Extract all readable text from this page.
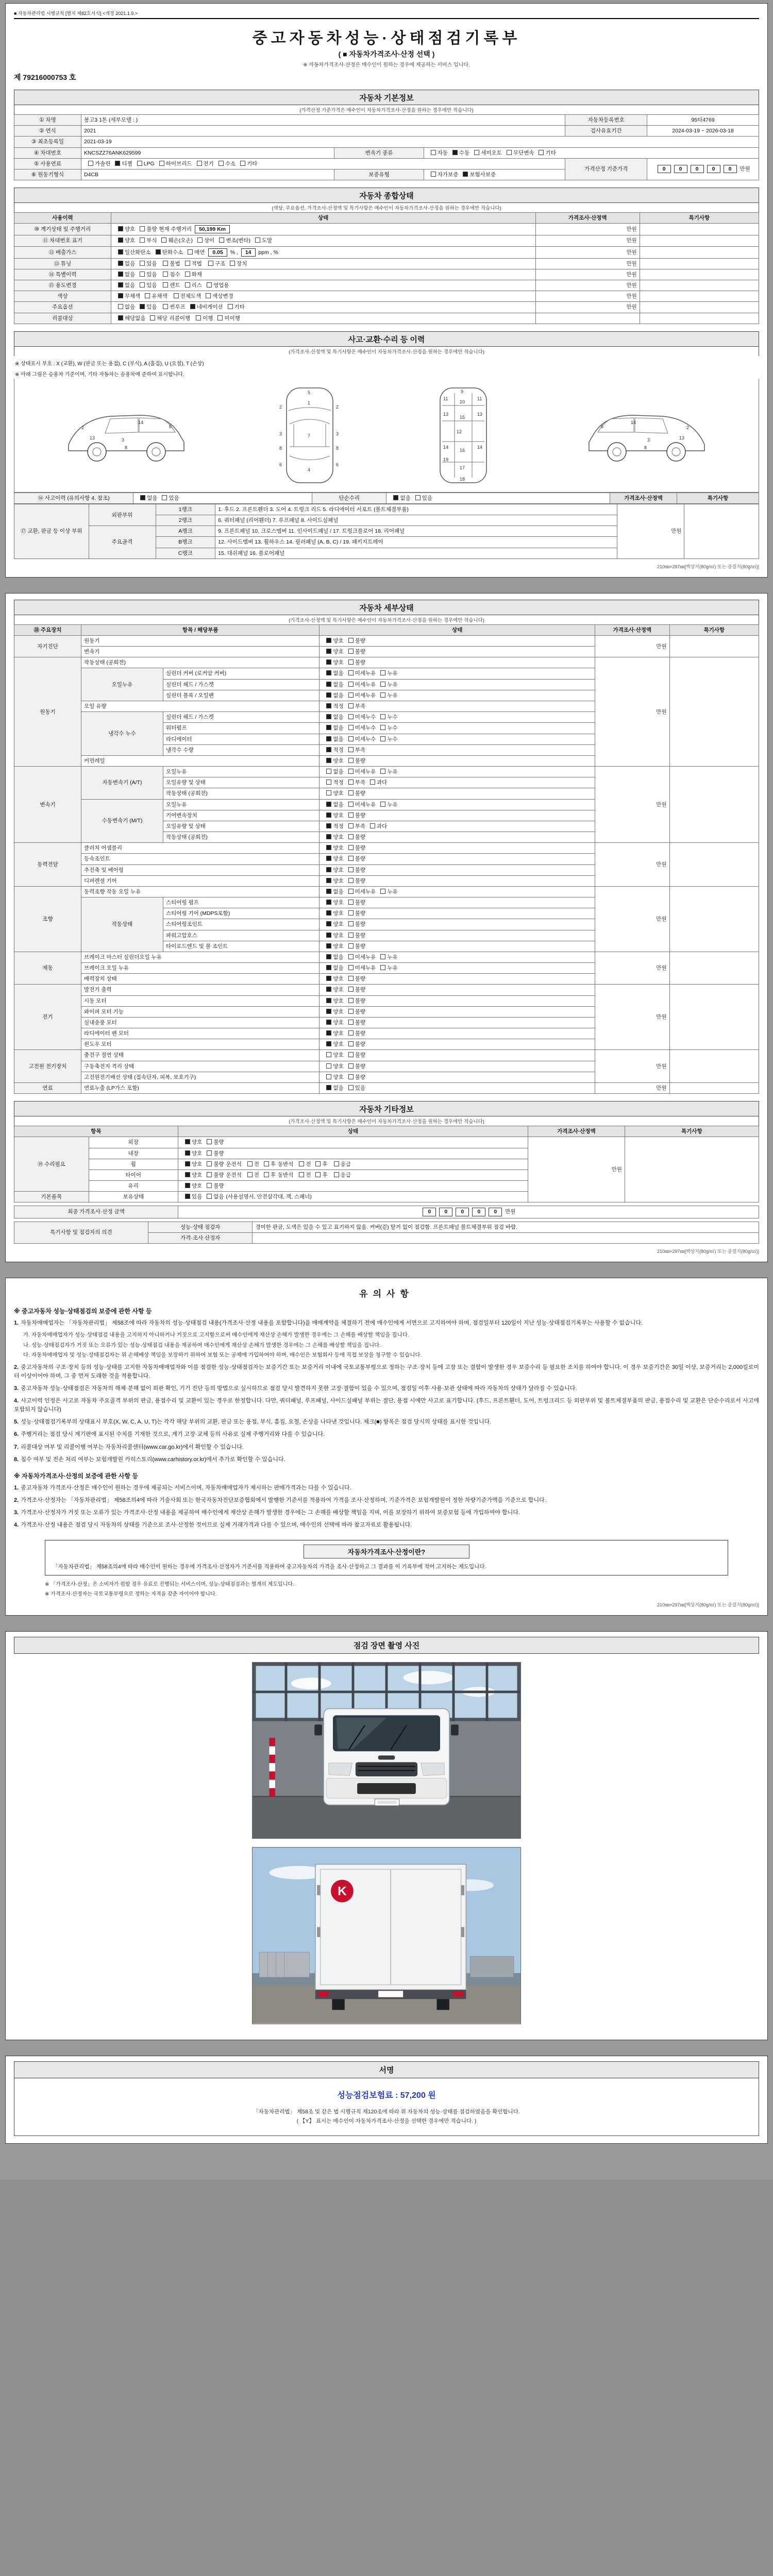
■ 자동차관리법 시행규칙 [별지 제82호서식] <개정 2021.1.9.>
중고자동차성능·상태점검기록부
( ■ 자동차가격조사·산정 선택 )
※ 자동차가격조사·산정은 매수인이 원하는 경우에 제공하는 서비스 입니다.
제 79216000753 호
자동차 기본정보
(가격산정 기준가격은 매수인이 자동차가격조사·산정을 원하는 경우에만 적습니다)
① 차명	봉고3 1톤 (세부모델 : )			자동차등록번호	95타4769
② 연식	2021			검사유효기간	2024-03-19 ~ 2026-03-18
③ 최초등록일	2021-03-19				
④ 차대번호	KNCSZZ76ANK629599	변속기 종류	자동 수동 세미오토 무단변속 기타		
⑤ 사용연료	가솔린 디젤 LPG 하이브리드 전기 수소 기타			가격산정 기준가격	0 0 0 0 0 만원
⑥ 원동기형식	D4CB	보증유형	자가보증 보험사보증		
자동차 종합상태
(색상, 주요옵션, 가격조사·산정액 및 특기사항은 매수인이 자동차가격조사·산정을 원하는 경우에만 적습니다)
사용이력	상태	가격조사·산정액	특기사항
⑩ 계기상태 및 주행거리	양호 불량 현재 주행거리 50,199 Km	만원	
⑪ 차대번호 표기	양호 부식 훼손(오손) 상이 변조(변타) 도말	만원	
⑫ 배출가스	일산화탄소 탄화수소 매연 0.05 % , 14 ppm , %	만원	
⑬ 튜닝	없음 있음 불법 적법 구조 장치	만원	
⑭ 특별이력	없음 있음 침수 화재	만원	
⑮ 용도변경	없음 있음 렌트 리스 영업용	만원	
색상	무채색 유채색 전체도색 색상변경	만원	
주요옵션	없음 있음 썬루프 네비게이션 기타	만원	
리콜대상	해당없음 해당 리콜이행 이행 미이행		
사고·교환·수리 등 이력
(가격조사·산정액 및 특기사항은 매수인이 자동차가격조사·산정을 원하는 경우에만 적습니다)
※ 상태표시 부호 : X (교환), W (판금 또는 용접), C (부식), A (흠집), U (요철), T (손상)
※ 아래 그림은 승용차 기준이며, 기타 자동차는 승용차에 준하여 표시합니다.
2
3
6
8
13
14
5
1
7
4
2	2
3	3
8	8
6	6
9
10
11	11
12
13	13
14	14
15
16
17
18
19
2
3
6
8
13
14
⑯ 사고이력 (유의사항 4. 참조)	없음 있음	단순수리	없음 있음	가격조사·산정액	특기사항
⑰ 교환, 판금 등 이상 부위	외판부위	1랭크	1. 후드 2. 프론트휀더 3. 도어 4. 트렁크 리드 5. 라디에이터 서포트 (볼트체결부품)	만원	
		2랭크	6. 쿼터패널 (리어휀더) 7. 루프패널 8. 사이드실패널		
	주요골격	A랭크	9. 프론트패널 10. 크로스멤버 11. 인사이드패널 / 17. 트렁크플로어 18. 리어패널		
		B랭크	12. 사이드멤버 13. 휠하우스 14. 필러패널 (A, B, C) / 19. 패키지트레이		
		C랭크	15. 대쉬패널 16. 플로어패널		
210㎜×297㎜[백상지(80g/㎡) 또는 중질지(80g/㎡)]
자동차 세부상태
(가격조사·산정액 및 특기사항은 매수인이 자동차가격조사·산정을 원하는 경우에만 적습니다)
⑱ 주요장치	항목 / 해당부품		상태	가격조사·산정액	특기사항
자기진단	원동기		양호 불량	만원	
	변속기		양호 불량		
원동기	작동상태 (공회전)		양호 불량	만원	
	오일누유	실린더 커버 (로커암 커버)	없음 미세누유 누유		
		실린더 헤드 / 가스켓	없음 미세누유 누유		
		실린더 블록 / 오일팬	없음 미세누유 누유		
	오일 유량		적정 부족		
	냉각수 누수	실린더 헤드 / 가스켓	없음 미세누수 누수		
		워터펌프	없음 미세누수 누수		
		라디에이터	없음 미세누수 누수		
		냉각수 수량	적정 부족		
	커먼레일		양호 불량		
변속기	자동변속기 (A/T)	오일누유	없음 미세누유 누유	만원	
		오일유량 및 상태	적정 부족 과다		
		작동상태 (공회전)	양호 불량		
	수동변속기 (M/T)	오일누유	없음 미세누유 누유		
		기어변속장치	양호 불량		
		오일유량 및 상태	적정 부족 과다		
		작동상태 (공회전)	양호 불량		
동력전달	클러치 어셈블리		양호 불량	만원	
	등속조인트		양호 불량		
	추진축 및 베어링		양호 불량		
	디퍼렌셜 기어		양호 불량		
조향	동력조향 작동 오일 누유		없음 미세누유 누유	만원	
	작동상태	스티어링 펌프	양호 불량		
		스티어링 기어 (MDPS포함)	양호 불량		
		스티어링조인트	양호 불량		
		파워고압호스	양호 불량		
		타이로드엔드 및 볼 조인트	양호 불량		
제동	브레이크 마스터 실린더오일 누유		없음 미세누유 누유	만원	
	브레이크 오일 누유		없음 미세누유 누유		
	배력장치 상태		양호 불량		
전기	발전기 출력		양호 불량	만원	
	시동 모터		양호 불량		
	와이퍼 모터 기능		양호 불량		
	실내송풍 모터		양호 불량		
	라디에이터 팬 모터		양호 불량		
	윈도우 모터		양호 불량		
고전원 전기장치	충전구 절연 상태		양호 불량	만원	
	구동축전지 격리 상태		양호 불량		
	고전원전기배선 상태 (접속단자, 피복, 보호기구)		양호 불량		
연료	연료누출 (LP가스 포함)		없음 있음	만원	
자동차 기타정보
(가격조사·산정액 및 특기사항은 매수인이 자동차가격조사·산정을 원하는 경우에만 적습니다)
항목		상태	가격조사·산정액	특기사항
⑲ 수리필요	외장	양호 불량	만원	
	내장	양호 불량		
	휠	양호 불량 운전석 전 후 동반석 전 후 응급		
	타이어	양호 불량 운전석 전 후 동반석 전 후 응급		
	유리	양호 불량		
기본품목	보유상태	있음 없음 (사용설명서, 안전삼각대, 잭, 스패너)		
최종 가격조사·산정 금액	0 0 0 0 0 만원
특기사항 및 점검자의 의견	성능·상태 점검자	경미한 판금, 도색은 있을 수 있고 표기하지 않음. 커버(겉) 탈거 없이 점검함. 프론트패널 볼트체결부위 점검 바람.
	가격·조사 산정자	
210㎜×297㎜[백상지(80g/㎡) 또는 중질지(80g/㎡)]
유의사항
※ 중고자동차 성능·상태점검의 보증에 관한 사항 등
1. 자동차매매업자는 「자동차관리법」 제58조에 따라 자동차의 성능·상태점검 내용(가격조사·산정 내용을 포함합니다)을 매매계약을 체결하기 전에 매수인에게 서면으로 고지하여야 하며, 점검일부터 120일이 지난 성능·상태점검기록부는 사용할 수 없습니다.
가. 자동차매매업자가 성능·상태점검 내용을 고지하지 아니하거나 거짓으로 고지함으로써 매수인에게 재산상 손해가 발생한 경우에는 그 손해를 배상할 책임을 집니다.
나. 성능·상태점검자가 거짓 또는 오류가 있는 성능·상태점검 내용을 제공하여 매수인에게 재산상 손해가 발생한 경우에는 그 손해를 배상할 책임을 집니다.
다. 자동차매매업자 및 성능·상태점검자는 위 손해배상 책임을 보장하기 위하여 보험 또는 공제에 가입하여야 하며, 매수인은 보험회사 등에 직접 보상을 청구할 수 있습니다.
2. 중고자동차의 구조·장치 등의 성능·상태를 고지한 자동차매매업자와 이를 점검한 성능·상태점검자는 보증기간 또는 보증거리 이내에 국토교통부령으로 정하는 구조·장치 등에 고장 또는 결함이 발생한 경우 보증수리 등 필요한 조치를 하여야 합니다. 이 경우 보증기간은 30일 이상, 보증거리는 2,000킬로미터 이상이어야 하며, 그 중 먼저 도래한 것을 적용합니다.
3. 중고자동차 성능·상태점검은 자동차의 해체·분해 없이 외관 확인, 기기 진단 등의 방법으로 실시하므로 점검 당시 발견하지 못한 고장·결함이 있을 수 있으며, 점검일 이후 사용·보관 상태에 따라 자동차의 상태가 달라질 수 있습니다.
4. 사고이력 인정은 사고로 자동차 주요골격 부위의 판금, 용접수리 및 교환이 있는 경우로 한정합니다. 다만, 쿼터패널, 루프패널, 사이드실패널 부위는 절단, 용접 시에만 사고로 표기합니다. (후드, 프론트휀더, 도어, 트렁크리드 등 외판부위 및 볼트체결부품의 판금, 용접수리 및 교환은 단순수리로서 사고에 포함되지 않습니다)
5. 성능·상태점검기록부의 상태표시 부호(X, W, C, A, U, T)는 각각 해당 부위의 교환, 판금 또는 용접, 부식, 흠집, 요철, 손상을 나타낸 것입니다. 체크(■) 항목은 점검 당시의 상태를 표시한 것입니다.
6. 주행거리는 점검 당시 계기판에 표시된 수치를 기재한 것으로, 계기 고장·교체 등의 사유로 실제 주행거리와 다를 수 있습니다.
7. 리콜대상 여부 및 리콜이행 여부는 자동차리콜센터(www.car.go.kr)에서 확인할 수 있습니다.
8. 침수 여부 및 전손 처리 여부는 보험개발원 카히스토리(www.carhistory.or.kr)에서 추가로 확인할 수 있습니다.
※ 자동차가격조사·산정의 보증에 관한 사항 등
1. 중고자동차 가격조사·산정은 매수인이 원하는 경우에 제공되는 서비스이며, 자동차매매업자가 제시하는 판매가격과는 다를 수 있습니다.
2. 가격조사·산정자는 「자동차관리법」 제58조의4에 따라 기술사회 또는 한국자동차진단보증협회에서 발행한 기준서를 적용하여 가격을 조사·산정하며, 기준가격은 보험개발원이 정한 차량기준가액을 기준으로 합니다.
3. 가격조사·산정자가 거짓 또는 오류가 있는 가격조사·산정 내용을 제공하여 매수인에게 재산상 손해가 발생한 경우에는 그 손해를 배상할 책임을 지며, 이를 보장하기 위하여 보증보험 등에 가입하여야 합니다.
4. 가격조사·산정 내용은 점검 당시 자동차의 상태를 기준으로 조사·산정한 것이므로 실제 거래가격과 다를 수 있으며, 매수인의 선택에 따라 참고자료로 활용됩니다.
자동차가격조사·산정이란?
「자동차관리법」 제58조의4에 따라 매수인이 원하는 경우에 가격조사·산정자가 기준서를 적용하여 중고자동차의 가격을 조사·산정하고 그 결과를 이 기록부에 적어 고지하는 제도입니다.
※ 「가격조사·산정」은 소비자가 원할 경우 유료로 진행되는 서비스이며, 성능·상태점검과는 별개의 제도입니다.
※ 가격조사·산정자는 국토교통부령으로 정하는 자격을 갖춘 자이어야 합니다.
210㎜×297㎜[백상지(80g/㎡) 또는 중질지(80g/㎡)]
점검 장면 촬영 사진
K
서명
성능점검보험료 : 57,200 원
「자동차관리법」 제58조 및 같은 법 시행규칙 제120조에 따라 위 자동차의 성능·상태를 점검하였음을 확인합니다.
( 【Y】 표시는 매수인이 자동차가격조사·산정을 선택한 경우에만 적습니다. )
